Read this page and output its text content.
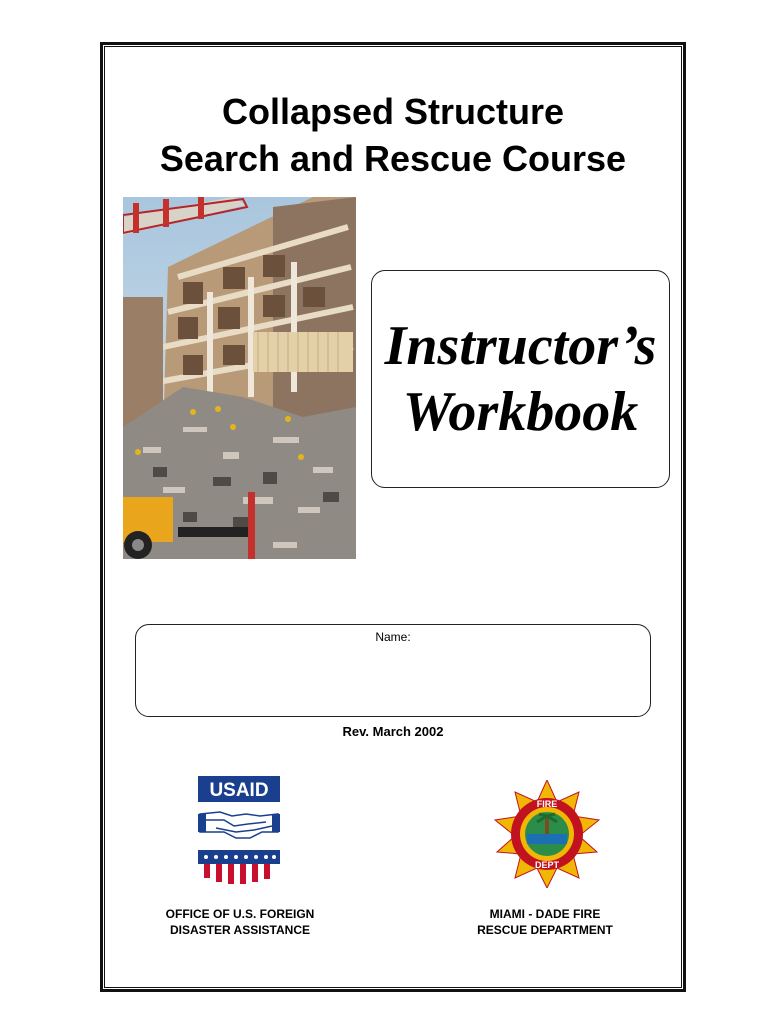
Collapsed Structure
Search and Rescue Course
Instructor’s
Workbook
Name:
Rev. March 2002
USAID
FIRE
DEPT
OFFICE OF U.S. FOREIGN
DISASTER ASSISTANCE
MIAMI - DADE FIRE
RESCUE DEPARTMENT
